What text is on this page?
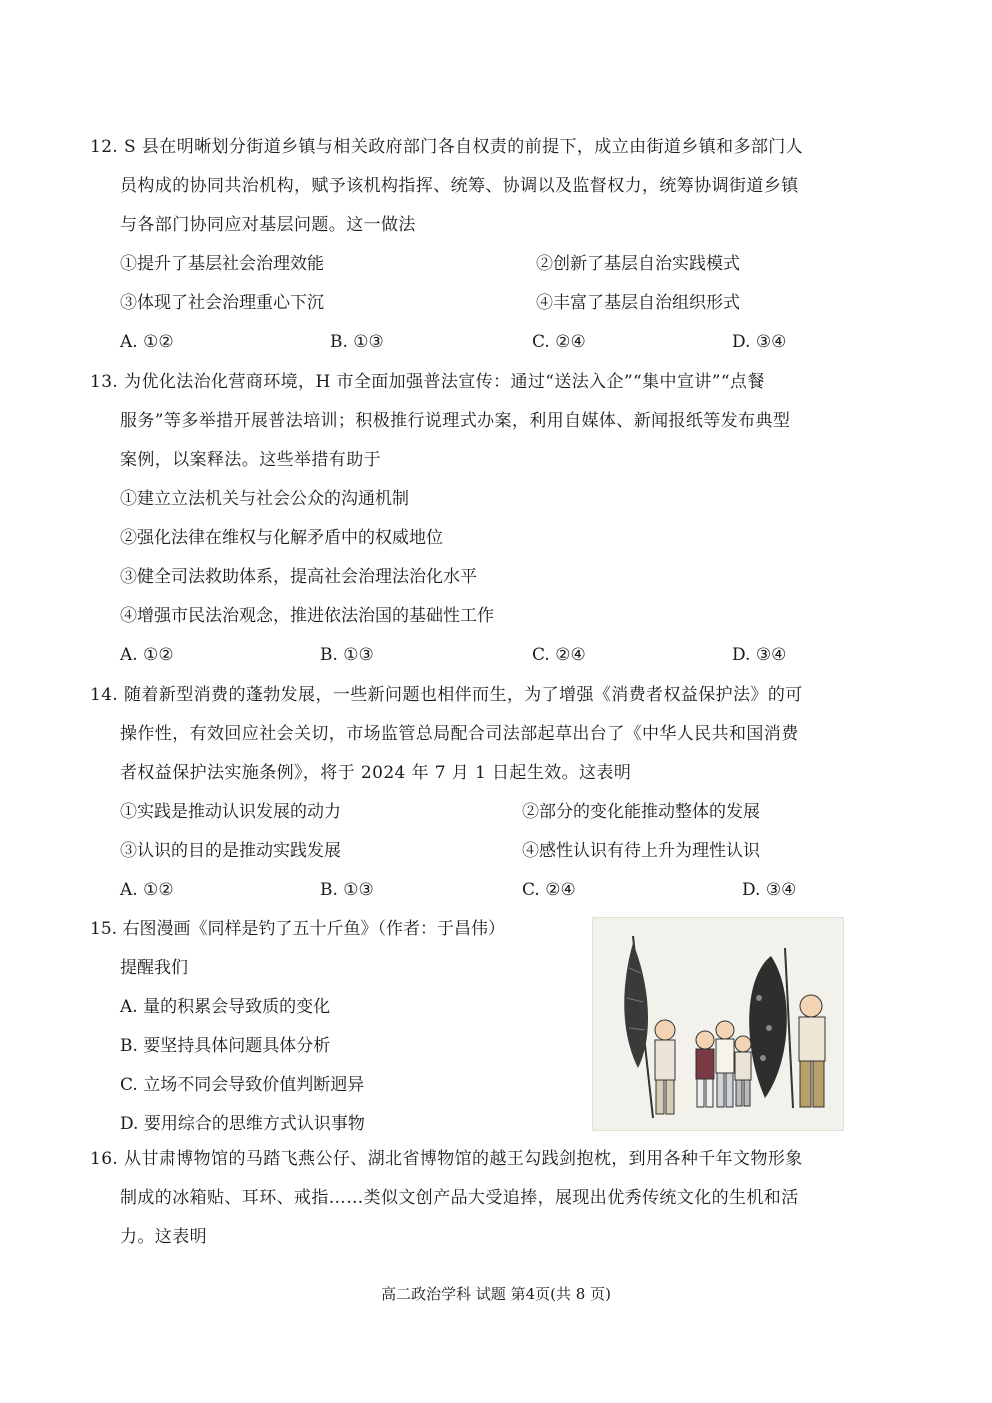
12. S 县在明晰划分街道乡镇与相关政府部门各自权责的前提下，成立由街道乡镇和多部门人
员构成的协同共治机构，赋予该机构指挥、统筹、协调以及监督权力，统筹协调街道乡镇
与各部门协同应对基层问题。这一做法
①提升了基层社会治理效能	②创新了基层自治实践模式
③体现了社会治理重心下沉	④丰富了基层自治组织形式
A. ①②	B. ①③	C. ②④	D. ③④
13. 为优化法治化营商环境，H 市全面加强普法宣传：通过“送法入企”“集中宣讲”“点餐
服务”等多举措开展普法培训；积极推行说理式办案，利用自媒体、新闻报纸等发布典型
案例，以案释法。这些举措有助于
①建立立法机关与社会公众的沟通机制
②强化法律在维权与化解矛盾中的权威地位
③健全司法救助体系，提高社会治理法治化水平
④增强市民法治观念，推进依法治国的基础性工作
A. ①②	B. ①③	C. ②④	D. ③④
14. 随着新型消费的蓬勃发展，一些新问题也相伴而生，为了增强《消费者权益保护法》的可
操作性，有效回应社会关切，市场监管总局配合司法部起草出台了《中华人民共和国消费
者权益保护法实施条例》，将于 2024 年 7 月 1 日起生效。这表明
①实践是推动认识发展的动力	②部分的变化能推动整体的发展
③认识的目的是推动实践发展	④感性认识有待上升为理性认识
A. ①②	B. ①③	C. ②④	D. ③④
15. 右图漫画《同样是钓了五十斤鱼》（作者：于昌伟）
提醒我们
A. 量的积累会导致质的变化
B. 要坚持具体问题具体分析
C. 立场不同会导致价值判断迥异
D. 要用综合的思维方式认识事物
16. 从甘肃博物馆的马踏飞燕公仔、湖北省博物馆的越王勾践剑抱枕，到用各种千年文物形象
制成的冰箱贴、耳环、戒指……类似文创产品大受追捧，展现出优秀传统文化的生机和活
力。这表明
高二政治学科 试题 第4页(共 8 页)
